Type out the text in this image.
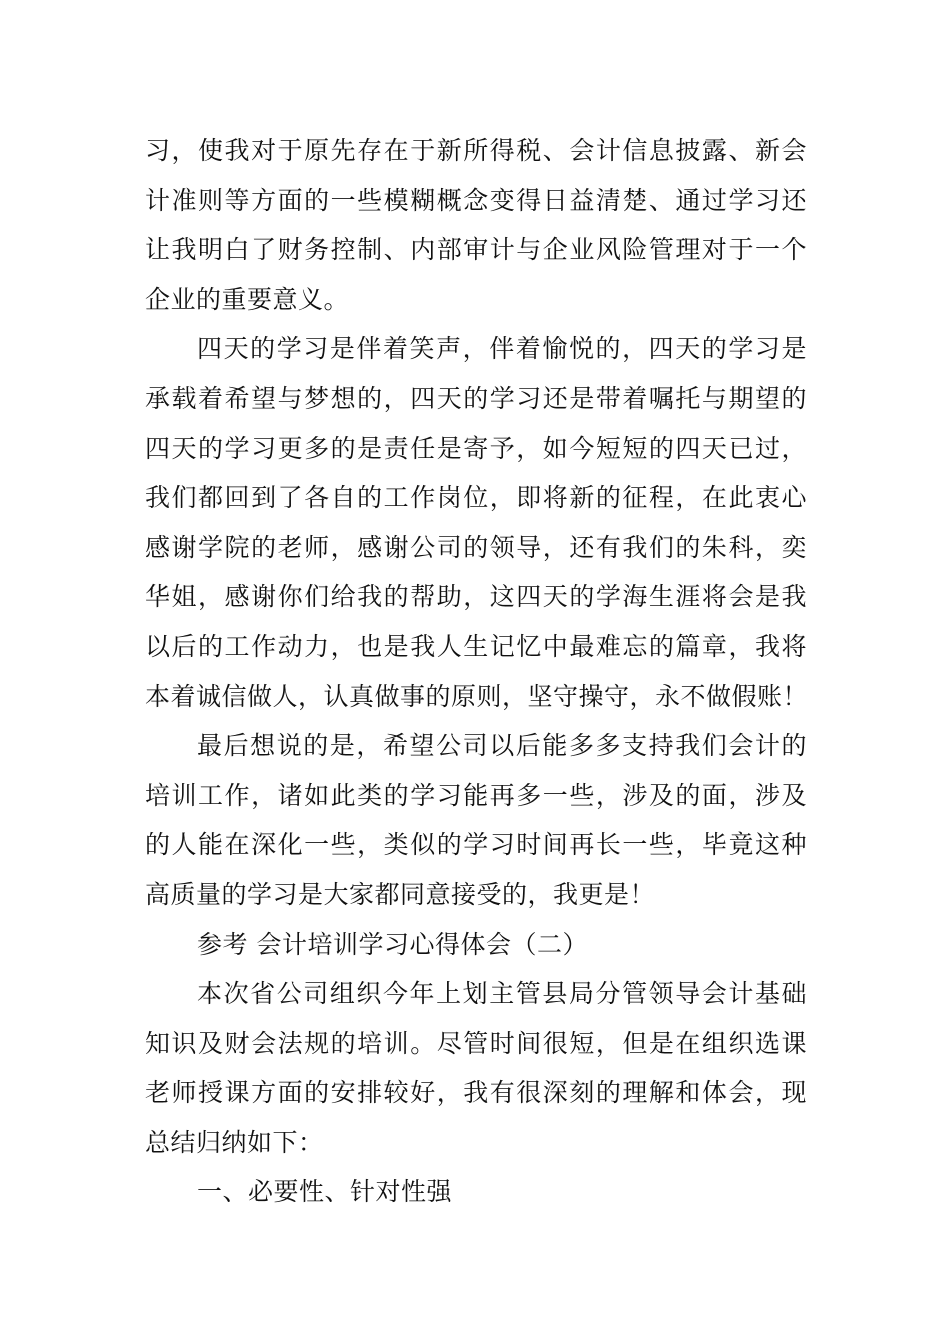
习，使我对于原先存在于新所得税、会计信息披露、新会
计准则等方面的一些模糊概念变得日益清楚、通过学习还
让我明白了财务控制、内部审计与企业风险管理对于一个
企业的重要意义。
四天的学习是伴着笑声，伴着愉悦的，四天的学习是
承载着希望与梦想的，四天的学习还是带着嘱托与期望的
四天的学习更多的是责任是寄予，如今短短的四天已过，
我们都回到了各自的工作岗位，即将新的征程，在此衷心
感谢学院的老师，感谢公司的领导，还有我们的朱科，奕
华姐，感谢你们给我的帮助，这四天的学海生涯将会是我
以后的工作动力，也是我人生记忆中最难忘的篇章，我将
本着诚信做人，认真做事的原则，坚守操守，永不做假账！
最后想说的是，希望公司以后能多多支持我们会计的
培训工作，诸如此类的学习能再多一些，涉及的面，涉及
的人能在深化一些，类似的学习时间再长一些，毕竟这种
高质量的学习是大家都同意接受的，我更是！
参考 会计培训学习心得体会（二）
本次省公司组织今年上划主管县局分管领导会计基础
知识及财会法规的培训。尽管时间很短，但是在组织选课
老师授课方面的安排较好，我有很深刻的理解和体会，现
总结归纳如下：
一、必要性、针对性强
